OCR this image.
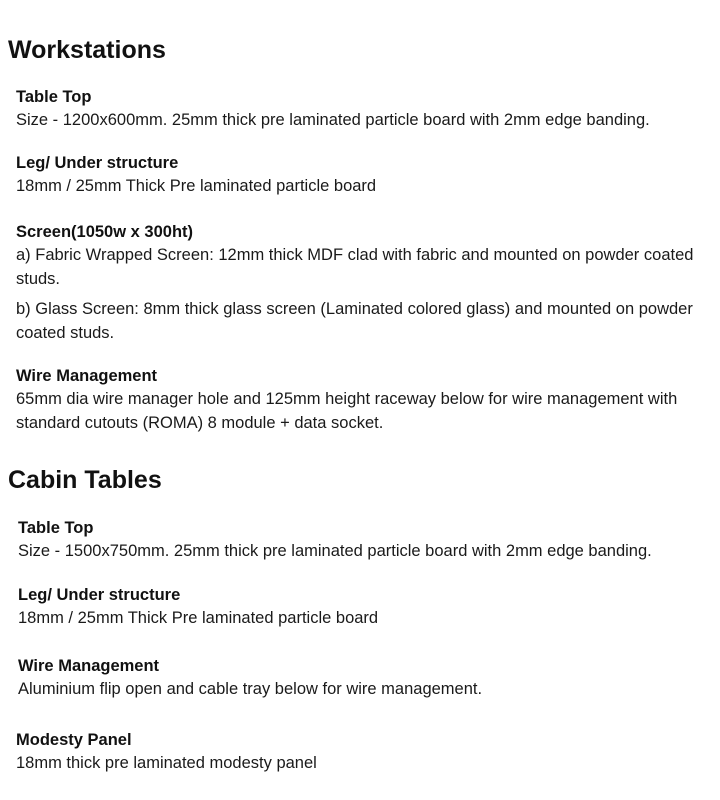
Workstations

Table Top

Size - 1200x600mm. 25mm thick pre laminated particle board with 2mm edge banding.

Leg/ Under structure

18mm / 25mm Thick Pre laminated particle board

Screen(1050w x 300ht)

a) Fabric Wrapped Screen: 12mm thick MDF clad with fabric and mounted on powder coated studs.

b) Glass Screen: 8mm thick glass screen (Laminated colored glass) and mounted on powder coated studs.

Wire Management

65mm dia wire manager hole and 125mm height raceway below for wire management with standard cutouts (ROMA) 8 module + data socket.

Cabin Tables

Table Top

Size - 1500x750mm. 25mm thick pre laminated particle board with 2mm edge banding.

Leg/ Under structure

18mm / 25mm Thick Pre laminated particle board

Wire Management

Aluminium flip open and cable tray below for wire management.

Modesty Panel

18mm thick pre laminated modesty panel
